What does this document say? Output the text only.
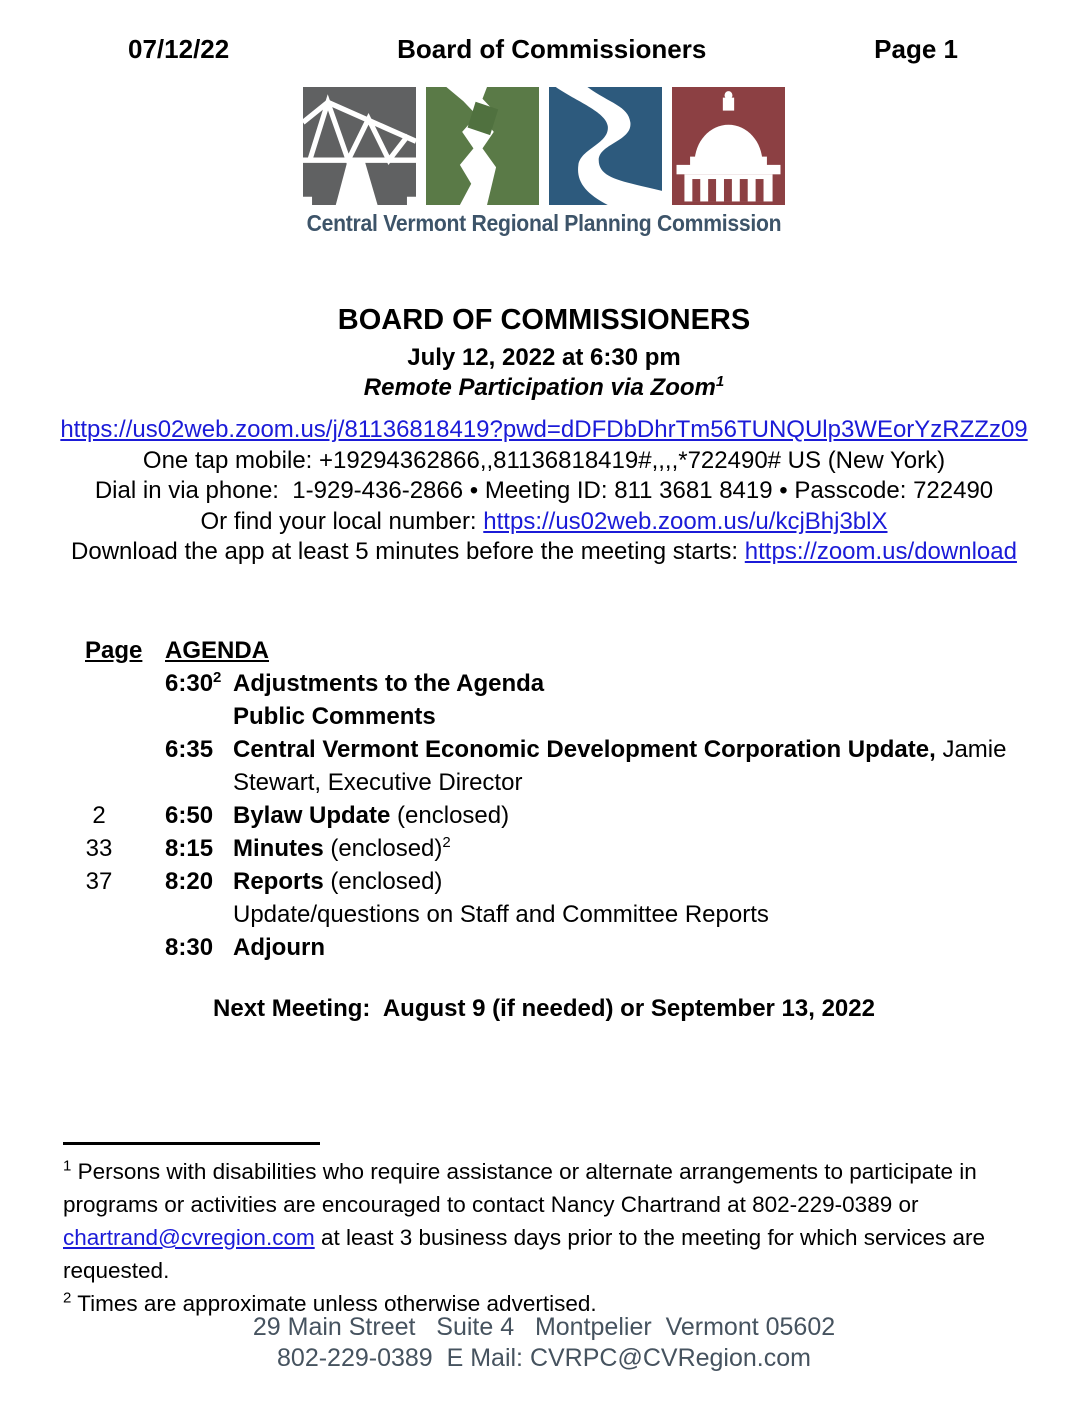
07/12/22	Board of Commissioners	Page 1
Central Vermont Regional Planning Commission
BOARD OF COMMISSIONERS
July 12, 2022 at 6:30 pm
Remote Participation via Zoom$^1$
https://us02web.zoom.us/j/81136818419?pwd=dDFDbDhrTm56TUNQUlp3WEorYzRZZz09
One tap mobile: +19294362866,,81136818419#,,,,*722490# US (New York)
Dial in via phone:  1-929-436-2866 • Meeting ID: 811 3681 8419 • Passcode: 722490
Or find your local number: https://us02web.zoom.us/u/kcjBhj3blX
Download the app at least 5 minutes before the meeting starts: https://zoom.us/download
Page AGENDA
$6:30^2$ Adjustments to the Agenda
Public Comments
6:35 Central Vermont Economic Development Corporation Update, Jamie
Stewart, Executive Director
2	6:50 Bylaw Update (enclosed)
33	8:15 Minutes (enclosed)$^2$
37	8:20 Reports (enclosed)
Update/questions on Staff and Committee Reports
8:30 Adjourn
Next Meeting:  August 9 (if needed) or September 13, 2022
$^1$ Persons with disabilities who require assistance or alternate arrangements to participate in programs or activities are encouraged to contact Nancy Chartrand at 802-229-0389 or chartrand@cvregion.com at least 3 business days prior to the meeting for which services are requested.
$^2$ Times are approximate unless otherwise advertised.
29 Main Street   Suite 4   Montpelier  Vermont 05602
802-229-0389  E Mail: CVRPC@CVRegion.com
